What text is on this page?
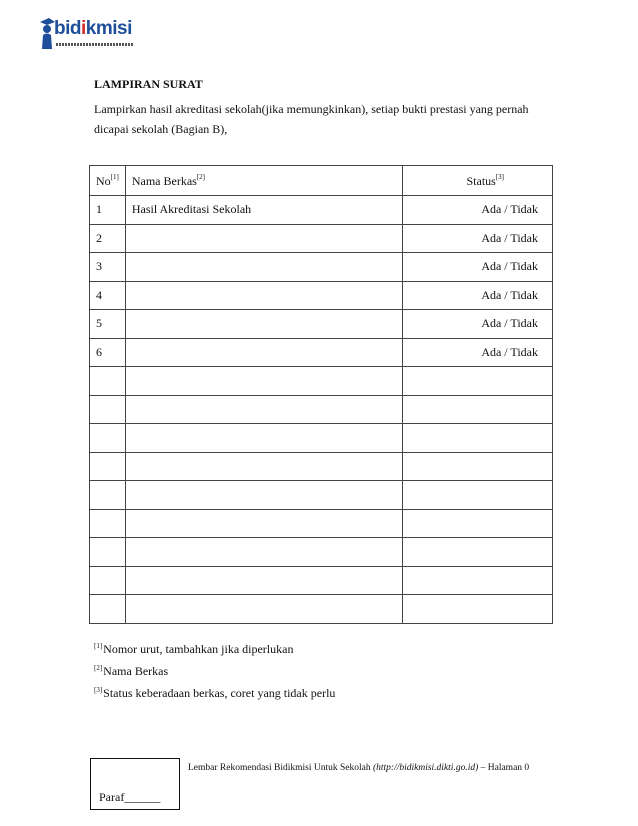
bidikmisi
LAMPIRAN SURAT
Lampirkan hasil akreditasi sekolah(jika memungkinkan), setiap bukti prestasi yang pernah dicapai sekolah (Bagian B),
No[1]	Nama Berkas[2]	Status[3]
1	Hasil Akreditasi Sekolah	Ada / Tidak
2		Ada / Tidak
3		Ada / Tidak
4		Ada / Tidak
5		Ada / Tidak
6		Ada / Tidak

[1]Nomor urut, tambahkan jika diperlukan
[2]Nama Berkas
[3]Status keberadaan berkas, coret yang tidak perlu
Paraf______
Lembar Rekomendasi Bidikmisi Untuk Sekolah (http://bidikmisi.dikti.go.id) – Halaman 0
